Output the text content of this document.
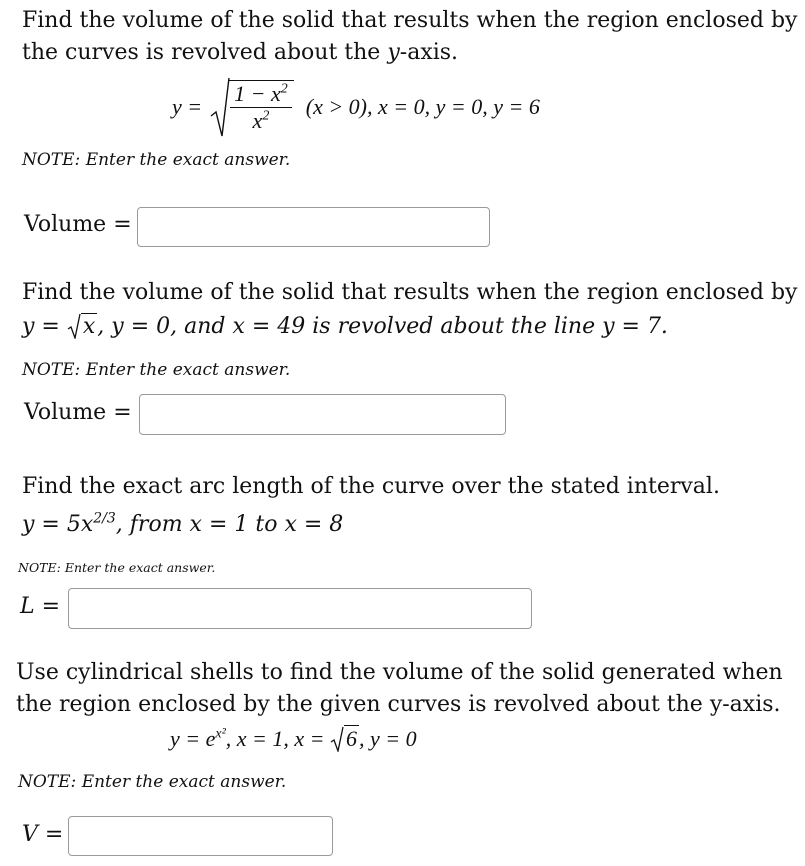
Find the volume of the solid that results when the region enclosed by
the curves is revolved about the y-axis.
$y = \frac{1 - x^2}{x^2} (x > 0)$, x = 0, y = 0, y = 6
NOTE: Enter the exact answer.
Volume =
Find the volume of the solid that results when the region enclosed by
y = x, y = 0, and x = 49 is revolved about the line y = 7.
NOTE: Enter the exact answer.
Volume =
Find the exact arc length of the curve over the stated interval.
$y = 5x^{2/3}$, from x = 1 to x = 8
NOTE: Enter the exact answer.
L =
Use cylindrical shells to find the volume of the solid generated when
the region enclosed by the given curves is revolved about the y-axis.
$y = e^{x^2}$, x = 1, x = 6, y = 0
NOTE: Enter the exact answer.
V =
